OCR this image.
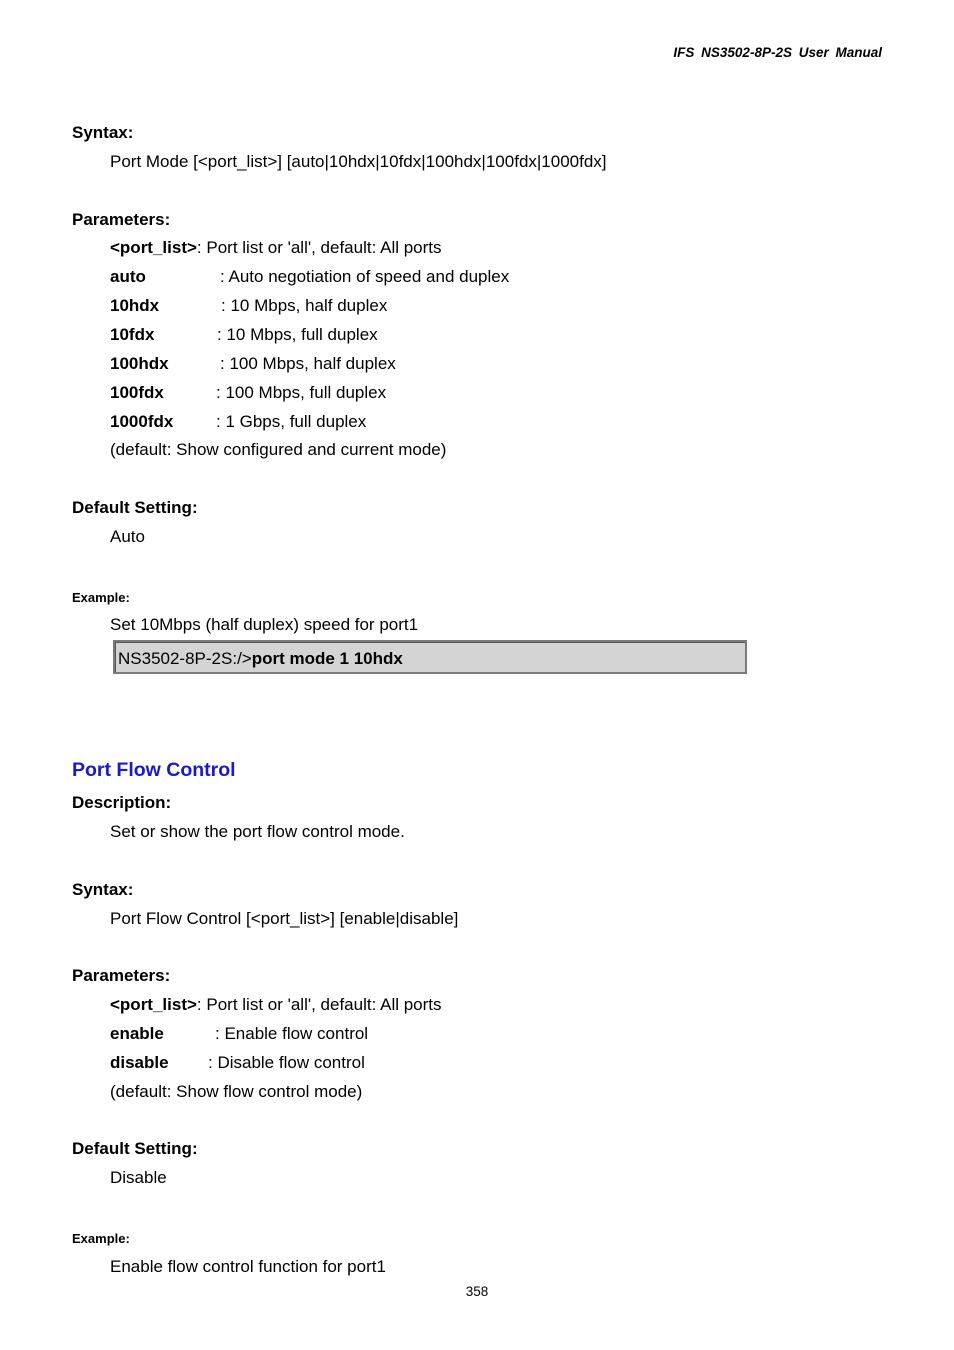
IFS NS3502-8P-2S User Manual
Syntax:
Port Mode [<port_list>] [auto|10hdx|10fdx|100hdx|100fdx|1000fdx]
Parameters:
<port_list>: Port list or 'all', default: All ports
auto	: Auto negotiation of speed and duplex
10hdx	: 10 Mbps, half duplex
10fdx	: 10 Mbps, full duplex
100hdx	: 100 Mbps, half duplex
100fdx	: 100 Mbps, full duplex
1000fdx	: 1 Gbps, full duplex
(default: Show configured and current mode)
Default Setting:
Auto
Example:
Set 10Mbps (half duplex) speed for port1
NS3502-8P-2S:/>port mode 1 10hdx
Port Flow Control
Description:
Set or show the port flow control mode.
Syntax:
Port Flow Control [<port_list>] [enable|disable]
Parameters:
<port_list>: Port list or 'all', default: All ports
enable	: Enable flow control
disable : Disable flow control
(default: Show flow control mode)
Default Setting:
Disable
Example:
Enable flow control function for port1
358
